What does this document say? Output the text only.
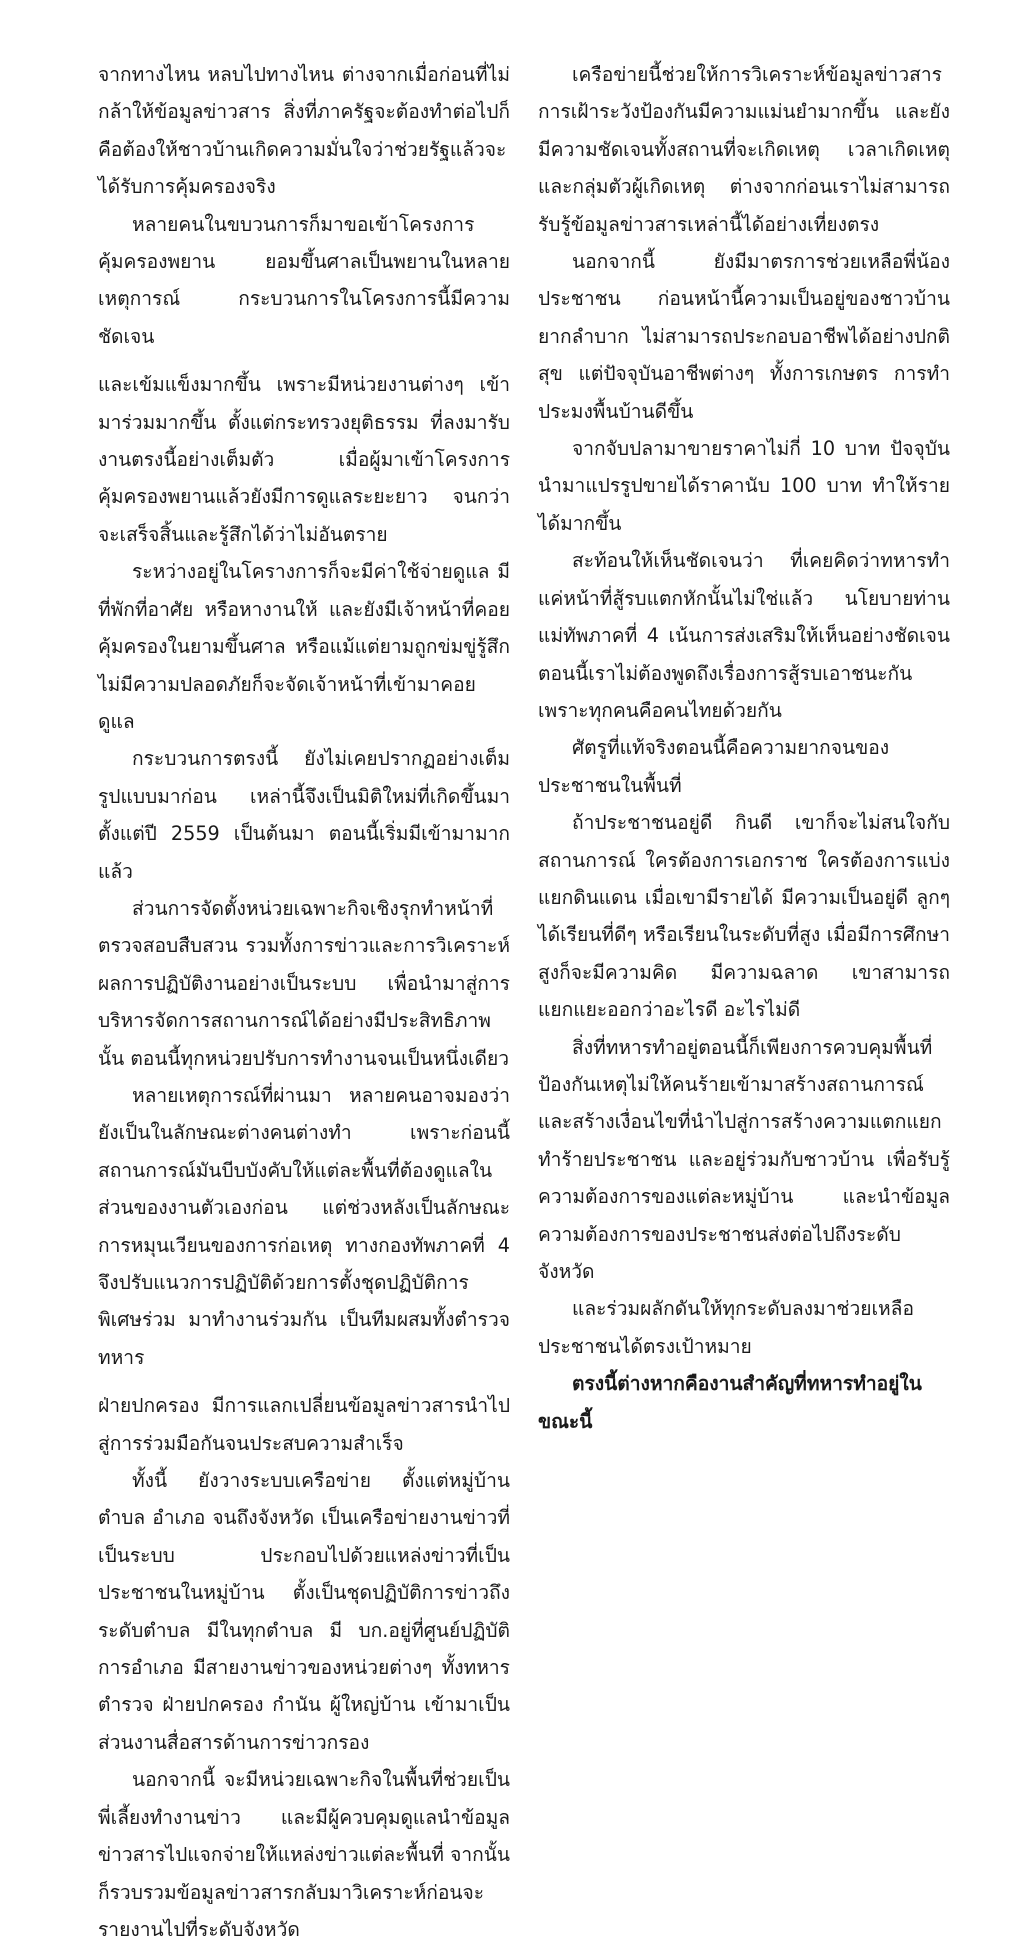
จากทางไหน หลบไปทางไหน ต่างจากเมื่อก่อนที่ไม่กล้าให้ข้อมูลข่าวสาร สิ่งที่ภาครัฐจะต้องทำต่อไปก็คือต้องให้ชาวบ้านเกิดความมั่นใจว่าช่วยรัฐแล้วจะได้รับการคุ้มครองจริง

หลายคนในขบวนการก็มาขอเข้าโครงการคุ้มครองพยาน ยอมขึ้นศาลเป็นพยานในหลายเหตุการณ์ กระบวนการในโครงการนี้มีความชัดเจน

และเข้มแข็งมากขึ้น เพราะมีหน่วยงานต่างๆ เข้ามาร่วมมากขึ้น ตั้งแต่กระทรวงยุติธรรม ที่ลงมารับงานตรงนี้อย่างเต็มตัว เมื่อผู้มาเข้าโครงการคุ้มครองพยานแล้วยังมีการดูแลระยะยาว จนกว่าจะเสร็จสิ้นและรู้สึกได้ว่าไม่อันตราย

ระหว่างอยู่ในโครางการก็จะมีค่าใช้จ่ายดูแล มีที่พักที่อาศัย หรือหางานให้ และยังมีเจ้าหน้าที่คอยคุ้มครองในยามขึ้นศาล หรือแม้แต่ยามถูกข่มขู่รู้สึกไม่มีความปลอดภัยก็จะจัดเจ้าหน้าที่เข้ามาคอยดูแล

กระบวนการตรงนี้ ยังไม่เคยปรากฏอย่างเต็มรูปแบบมาก่อน เหล่านี้จึงเป็นมิติใหม่ที่เกิดขึ้นมาตั้งแต่ปี 2559 เป็นต้นมา ตอนนี้เริ่มมีเข้ามามากแล้ว

ส่วนการจัดตั้งหน่วยเฉพาะกิจเชิงรุกทำหน้าที่ตรวจสอบสืบสวน รวมทั้งการข่าวและการวิเคราะห์ผลการปฏิบัติงานอย่างเป็นระบบ เพื่อนำมาสู่การบริหารจัดการสถานการณ์ได้อย่างมีประสิทธิภาพนั้น ตอนนี้ทุกหน่วยปรับการทำงานจนเป็นหนึ่งเดียว

หลายเหตุการณ์ที่ผ่านมา หลายคนอาจมองว่ายังเป็นในลักษณะต่างคนต่างทำ เพราะก่อนนี้สถานการณ์มันบีบบังคับให้แต่ละพื้นที่ต้องดูแลในส่วนของงานตัวเองก่อน แต่ช่วงหลังเป็นลักษณะการหมุนเวียนของการก่อเหตุ ทางกองทัพภาคที่ 4 จึงปรับแนวการปฏิบัติด้วยการตั้งชุดปฏิบัติการพิเศษร่วม มาทำงานร่วมกัน เป็นทีมผสมทั้งตำรวจ ทหาร

ฝ่ายปกครอง มีการแลกเปลี่ยนข้อมูลข่าวสารนำไปสู่การร่วมมือกันจนประสบความสำเร็จ

ทั้งนี้ ยังวางระบบเครือข่าย ตั้งแต่หมู่บ้าน ตำบล อำเภอ จนถึงจังหวัด เป็นเครือข่ายงานข่าวที่เป็นระบบ ประกอบไปด้วยแหล่งข่าวที่เป็นประชาชนในหมู่บ้าน ตั้งเป็นชุดปฏิบัติการข่าวถึงระดับตำบล มีในทุกตำบล มี บก.อยู่ที่ศูนย์ปฏิบัติการอำเภอ มีสายงานข่าวของหน่วยต่างๆ ทั้งทหาร ตำรวจ ฝ่ายปกครอง กำนัน ผู้ใหญ่บ้าน เข้ามาเป็นส่วนงานสื่อสารด้านการข่าวกรอง

นอกจากนี้ จะมีหน่วยเฉพาะกิจในพื้นที่ช่วยเป็นพี่เลี้ยงทำงานข่าว และมีผู้ควบคุมดูแลนำข้อมูลข่าวสารไปแจกจ่ายให้แหล่งข่าวแต่ละพื้นที่ จากนั้นก็รวบรวมข้อมูลข่าวสารกลับมาวิเคราะห์ก่อนจะรายงานไปที่ระดับจังหวัด

เครือข่ายนี้ช่วยให้การวิเคราะห์ข้อมูลข่าวสารการเฝ้าระวังป้องกันมีความแม่นยำมากขึ้น และยังมีความชัดเจนทั้งสถานที่จะเกิดเหตุ เวลาเกิดเหตุ และกลุ่มตัวผู้เกิดเหตุ ต่างจากก่อนเราไม่สามารถรับรู้ข้อมูลข่าวสารเหล่านี้ได้อย่างเที่ยงตรง

นอกจากนี้ ยังมีมาตรการช่วยเหลือพี่น้องประชาชน ก่อนหน้านี้ความเป็นอยู่ของชาวบ้านยากลำบาก ไม่สามารถประกอบอาชีพได้อย่างปกติสุข แต่ปัจจุบันอาชีพต่างๆ ทั้งการเกษตร การทำประมงพื้นบ้านดีขึ้น

จากจับปลามาขายราคาไม่กี่ 10 บาท ปัจจุบันนำมาแปรรูปขายได้ราคานับ 100 บาท ทำให้รายได้มากขึ้น

สะท้อนให้เห็นชัดเจนว่า ที่เคยคิดว่าทหารทำแค่หน้าที่สู้รบแตกหักนั้นไม่ใช่แล้ว นโยบายท่านแม่ทัพภาคที่ 4 เน้นการส่งเสริมให้เห็นอย่างชัดเจน ตอนนี้เราไม่ต้องพูดถึงเรื่องการสู้รบเอาชนะกัน เพราะทุกคนคือคนไทยด้วยกัน

ศัตรูที่แท้จริงตอนนี้คือความยากจนของประชาชนในพื้นที่

ถ้าประชาชนอยู่ดี กินดี เขาก็จะไม่สนใจกับสถานการณ์ ใครต้องการเอกราช ใครต้องการแบ่งแยกดินแดน เมื่อเขามีรายได้ มีความเป็นอยู่ดี ลูกๆ ได้เรียนที่ดีๆ หรือเรียนในระดับที่สูง เมื่อมีการศึกษาสูงก็จะมีความคิด มีความฉลาด เขาสามารถแยกแยะออกว่าอะไรดี อะไรไม่ดี

สิ่งที่ทหารทำอยู่ตอนนี้ก็เพียงการควบคุมพื้นที่ ป้องกันเหตุไม่ให้คนร้ายเข้ามาสร้างสถานการณ์ และสร้างเงื่อนไขที่นำไปสู่การสร้างความแตกแยก ทำร้ายประชาชน และอยู่ร่วมกับชาวบ้าน เพื่อรับรู้ความต้องการของแต่ละหมู่บ้าน และนำข้อมูลความต้องการของประชาชนส่งต่อไปถึงระดับจังหวัด

และร่วมผลักดันให้ทุกระดับลงมาช่วยเหลือประชาชนได้ตรงเป้าหมาย

ตรงนี้ต่างหากคืองานสำคัญที่ทหารทำอยู่ในขณะนี้
